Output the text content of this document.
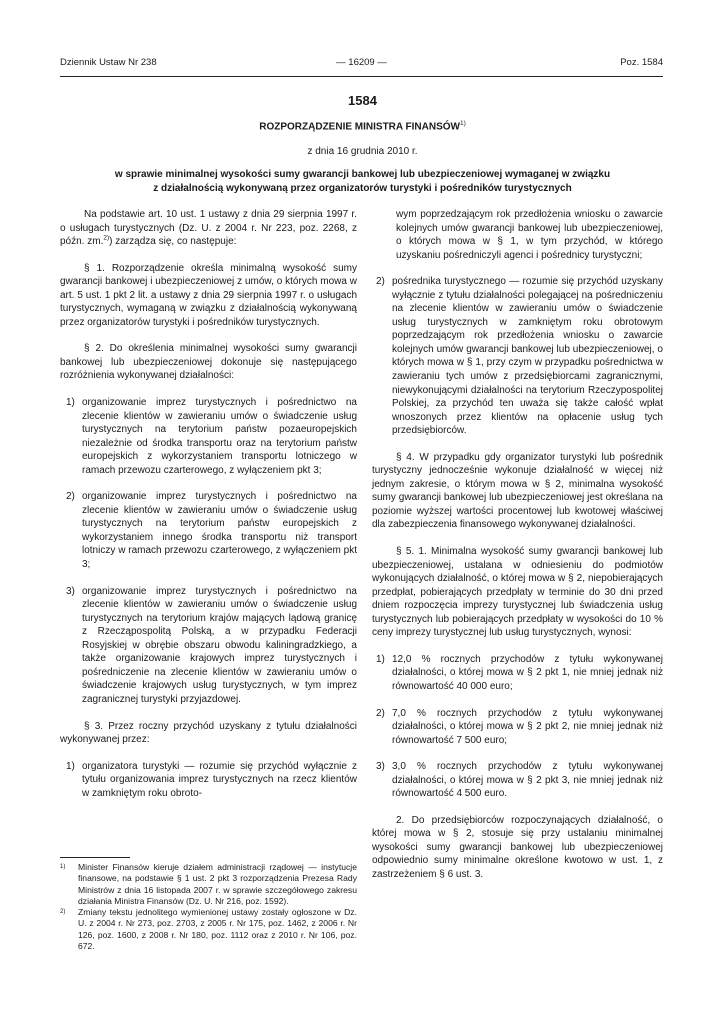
Dziennik Ustaw Nr 238	— 16209 —	Poz. 1584
1584
ROZPORZĄDZENIE MINISTRA FINANSÓW$^{1)}$
z dnia 16 grudnia 2010 r.
w sprawie minimalnej wysokości sumy gwarancji bankowej lub ubezpieczeniowej wymaganej w związku
z działalnością wykonywaną przez organizatorów turystyki i pośredników turystycznych

Na podstawie art. 10 ust. 1 ustawy z dnia 29 sierpnia 1997 r. o usługach turystycznych (Dz. U. z 2004 r. Nr 223, poz. 2268, z późn. zm.$^{2)}$) zarządza się, co następuje:

§ 1. Rozporządzenie określa minimalną wysokość sumy gwarancji bankowej i ubezpieczeniowej z umów, o których mowa w art. 5 ust. 1 pkt 2 lit. a ustawy z dnia 29 sierpnia 1997 r. o usługach turystycznych, wymaganą w związku z działalnością wykonywaną przez organizatorów turystyki i pośredników turystycznych.

§ 2. Do określenia minimalnej wysokości sumy gwarancji bankowej lub ubezpieczeniowej dokonuje się następującego rozróżnienia wykonywanej działalności:

1) organizowanie imprez turystycznych i pośrednictwo na zlecenie klientów w zawieraniu umów o świadczenie usług turystycznych na terytorium państw pozaeuropejskich niezależnie od środka transportu oraz na terytorium państw europejskich z wykorzystaniem transportu lotniczego w ramach przewozu czarterowego, z wyłączeniem pkt 3;

2) organizowanie imprez turystycznych i pośrednictwo na zlecenie klientów w zawieraniu umów o świadczenie usług turystycznych na terytorium państw europejskich z wykorzystaniem innego środka transportu niż transport lotniczy w ramach przewozu czarterowego, z wyłączeniem pkt 3;

3) organizowanie imprez turystycznych i pośrednictwo na zlecenie klientów w zawieraniu umów o świadczenie usług turystycznych na terytorium krajów mających lądową granicę z Rzecząpospolitą Polską, a w przypadku Federacji Rosyjskiej w obrębie obszaru obwodu kaliningradzkiego, a także organizowanie krajowych imprez turystycznych i pośredniczenie na zlecenie klientów w zawieraniu umów o świadczenie krajowych usług turystycznych, w tym imprez zagranicznej turystyki przyjazdowej.

§ 3. Przez roczny przychód uzyskany z tytułu działalności wykonywanej przez:

1) organizatora turystyki — rozumie się przychód wyłącznie z tytułu organizowania imprez turystycznych na rzecz klientów w zamkniętym roku obroto-

wym poprzedzającym rok przedłożenia wniosku o zawarcie kolejnych umów gwarancji bankowej lub ubezpieczeniowej, o których mowa w § 1, w tym przychód, w którego uzyskaniu pośredniczyli agenci i pośrednicy turystyczni;

2) pośrednika turystycznego — rozumie się przychód uzyskany wyłącznie z tytułu działalności polegającej na pośredniczeniu na zlecenie klientów w zawieraniu umów o świadczenie usług turystycznych w zamkniętym roku obrotowym poprzedzającym rok przedłożenia wniosku o zawarcie kolejnych umów gwarancji bankowej lub ubezpieczeniowej, o których mowa w § 1, przy czym w przypadku pośrednictwa w zawieraniu tych umów z przedsiębiorcami zagranicznymi, niewykonującymi działalności na terytorium Rzeczypospolitej Polskiej, za przychód ten uważa się także całość wpłat wnoszonych przez klientów na opłacenie usług tych przedsiębiorców.

§ 4. W przypadku gdy organizator turystyki lub pośrednik turystyczny jednocześnie wykonuje działalność w więcej niż jednym zakresie, o którym mowa w § 2, minimalna wysokość sumy gwarancji bankowej lub ubezpieczeniowej jest określana na poziomie wyższej wartości procentowej lub kwotowej właściwej dla zabezpieczenia finansowego wykonywanej działalności.

§ 5. 1. Minimalna wysokość sumy gwarancji bankowej lub ubezpieczeniowej, ustalana w odniesieniu do podmiotów wykonujących działalność, o której mowa w § 2, niepobierających przedpłat, pobierających przedpłaty w terminie do 30 dni przed dniem rozpoczęcia imprezy turystycznej lub świadczenia usług turystycznych lub pobierających przedpłaty w wysokości do 10 % ceny imprezy turystycznej lub usług turystycznych, wynosi:

1) 12,0 % rocznych przychodów z tytułu wykonywanej działalności, o której mowa w § 2 pkt 1, nie mniej jednak niż równowartość 40 000 euro;

2) 7,0 % rocznych przychodów z tytułu wykonywanej działalności, o której mowa w § 2 pkt 2, nie mniej jednak niż równowartość 7 500 euro;

3) 3,0 % rocznych przychodów z tytułu wykonywanej działalności, o której mowa w § 2 pkt 3, nie mniej jednak niż równowartość 4 500 euro.

2. Do przedsiębiorców rozpoczynających działalność, o której mowa w § 2, stosuje się przy ustalaniu minimalnej wysokości sumy gwarancji bankowej lub ubezpieczeniowej odpowiednio sumy minimalne określone kwotowo w ust. 1, z zastrzeżeniem § 6 ust. 3.

$^{1)}$	Minister Finansów kieruje działem administracji rządowej — instytucje finansowe, na podstawie § 1 ust. 2 pkt 3 rozporządzenia Prezesa Rady Ministrów z dnia 16 listopada 2007 r. w sprawie szczegółowego zakresu działania Ministra Finansów (Dz. U. Nr 216, poz. 1592).
$^{2)}$	Zmiany tekstu jednolitego wymienionej ustawy zostały ogłoszone w Dz. U. z 2004 r. Nr 273, poz. 2703, z 2005 r. Nr 175, poz. 1462, z 2006 r. Nr 126, poz. 1600, z 2008 r. Nr 180, poz. 1112 oraz z 2010 r. Nr 106, poz. 672.
